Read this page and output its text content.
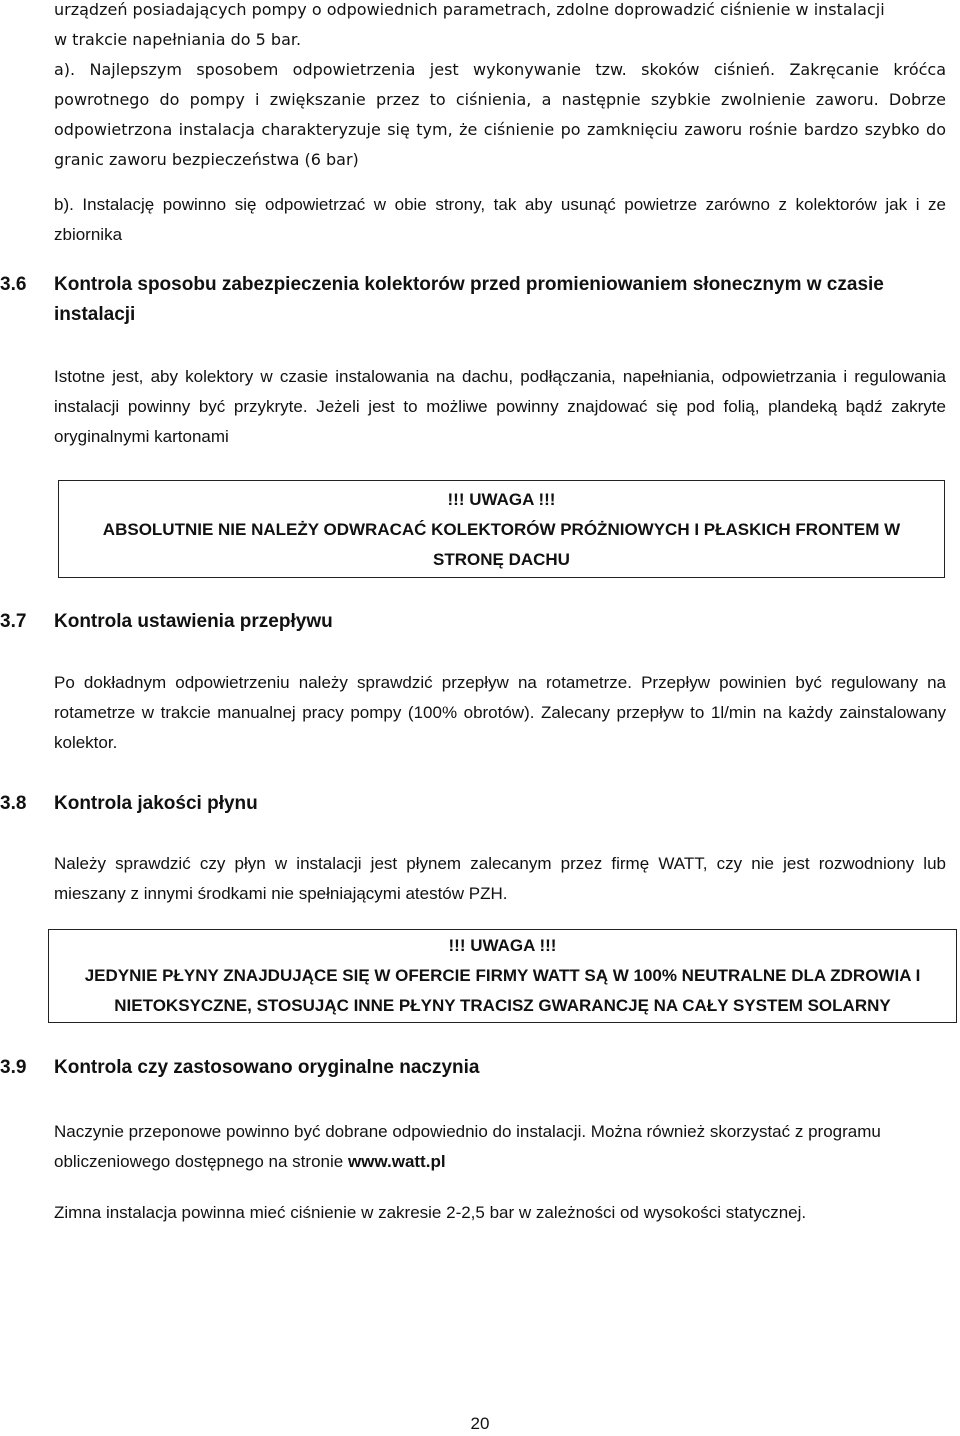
urządzeń posiadających pompy o odpowiednich parametrach, zdolne doprowadzić ciśnienie w instalacji

w trakcie napełniania do 5 bar.

a). Najlepszym sposobem odpowietrzenia jest wykonywanie tzw. skoków ciśnień. Zakręcanie króćca powrotnego do pompy i zwiększanie przez to ciśnienia, a następnie szybkie zwolnienie zaworu. Dobrze odpowietrzona instalacja charakteryzuje się tym, że ciśnienie po zamknięciu zaworu rośnie bardzo szybko do granic zaworu bezpieczeństwa (6 bar)

b). Instalację powinno się odpowietrzać w obie strony, tak aby usunąć powietrze zarówno z kolektorów jak i ze zbiornika

3.6 Kontrola sposobu zabezpieczenia kolektorów przed promieniowaniem słonecznym w czasie instalacji

Istotne jest, aby kolektory w czasie instalowania na dachu, podłączania, napełniania, odpowietrzania i regulowania instalacji powinny być przykryte. Jeżeli jest to możliwe powinny znajdować się pod folią, plandeką bądź zakryte oryginalnymi kartonami

!!! UWAGA !!!

ABSOLUTNIE NIE NALEŻY ODWRACAĆ KOLEKTORÓW PRÓŻNIOWYCH I PŁASKICH FRONTEM W STRONĘ DACHU

3.7 Kontrola ustawienia przepływu

Po dokładnym odpowietrzeniu należy sprawdzić przepływ na rotametrze. Przepływ powinien być regulowany na rotametrze w trakcie manualnej pracy pompy (100% obrotów). Zalecany przepływ to 1l/min na każdy zainstalowany kolektor.

3.8 Kontrola jakości płynu

Należy sprawdzić czy płyn w instalacji jest płynem zalecanym przez firmę WATT, czy nie jest rozwodniony lub mieszany z innymi środkami nie spełniającymi atestów PZH.

!!! UWAGA !!!

JEDYNIE PŁYNY ZNAJDUJĄCE SIĘ W OFERCIE FIRMY WATT SĄ W 100% NEUTRALNE DLA ZDROWIA I NIETOKSYCZNE, STOSUJĄC INNE PŁYNY TRACISZ GWARANCJĘ NA CAŁY SYSTEM SOLARNY

3.9 Kontrola czy zastosowano oryginalne naczynia

Naczynie przeponowe powinno być dobrane odpowiednio do instalacji. Można również skorzystać z programu obliczeniowego dostępnego na stronie www.watt.pl

Zimna instalacja powinna mieć ciśnienie w zakresie 2-2,5 bar w zależności od wysokości statycznej.

20
